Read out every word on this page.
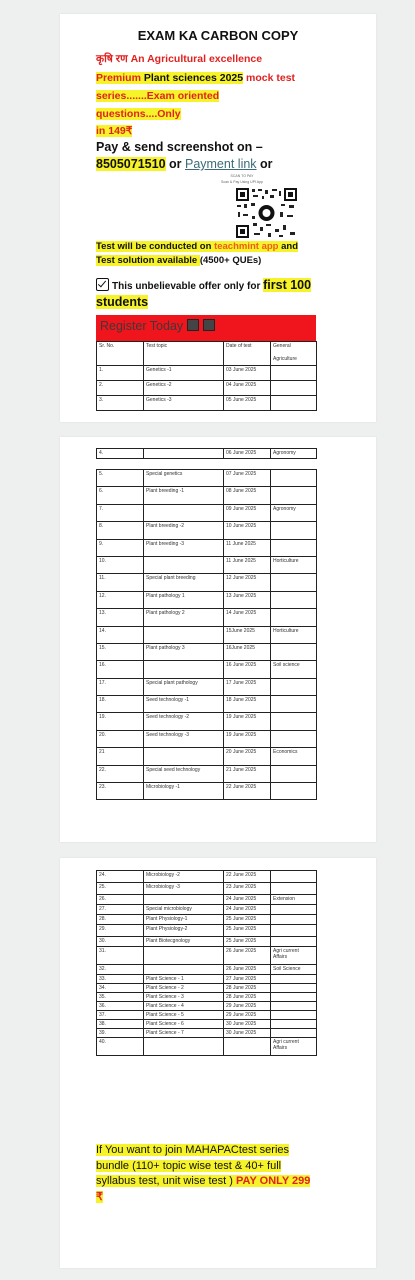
EXAM KA CARBON COPY
कृषि रण An Agricultural excellence
Premium Plant sciences 2025 mock test
series.......Exam oriented
questions....Only
in 149₹
Pay & send screenshot on –
8505071510 or Payment link or
SCAN TO PAY
Scan & Pay Using UPI App
Test will be conducted on teachmint app and
Test solution available (4500+ QUEs)
This unbelievable offer only for first 100
students
Register Today
Sr. No.	Test topic	Date of test	General
Agriculture

1.	Genetics -1	03 June 2025	

2.	Genetics -2	04 June 2025	

3.	Genetics -3	05 June 2025	

4.		06 June 2025	Agronomy
5.	Special genetics	07 June 2025	

6.	Plant breeding -1	08 June 2025	

7.		09 June 2025	Agronomy

8.	Plant breeding -2	10 June 2025	

9.	Plant breeding -3	11 June 2025	

10.		11 June 2025	Horticulture

11.	Special plant breeding	12 June 2025	

12.	Plant pathology 1	13 June 2025	

13.	Plant pathology 2	14 June 2025	

14.		15June 2025	Horticulture

15.	Plant pathology 3	16June 2025	

16.		16 June 2025	Soil science

17.	Special plant pathology	17 June 2025	

18.	Seed technology -1	18 June 2025	

19.	Seed technology -2	19 June 2025	

20.	Seed technology -3	19 June 2025	

21		20 June 2025	Economics

22.	Special seed technology	21 June 2025	

23.	Microbiology -1	22 June 2025	

24.	Microbiology -2	22 June 2025	

25.	Microbiology -3	23 June 2025	

26.		24 June 2025	Extension

27.	Special microbiology	24 June 2025	

28.	Plant Physiology-1	25 June 2025	

29.	Plant Physiology-2	25 June 2025	

30.	Plant Biotecgnology	25 June 2025	

31.		26 June 2025	Agri current
Affairs

32.		26 June 2025	Soil Science

33.	Plant Science - 1	27 June 2025	

34.	Plant Science - 2	28 June 2025	

35.	Plant Science - 3	28 June 2025	

36.	Plant Science - 4	29 June 2025	

37.	Plant Science - 5	29 June 2025	

38.	Plant Science - 6	30 June 2025	

39.	Plant Science - 7	30 June 2025	

40.			Agri current
Affairs
If You want to join MAHAPACtest series bundle (110+ topic wise test & 40+ full syllabus test, unit wise test ) PAY ONLY 299 ₹
